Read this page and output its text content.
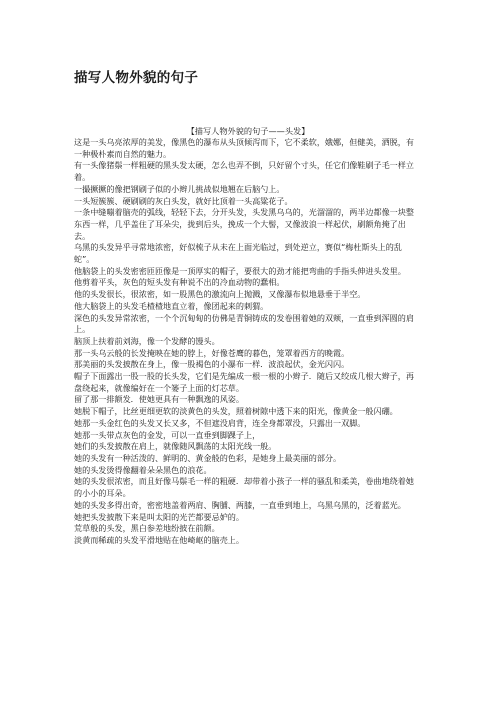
描写人物外貌的句子

【描写人物外貌的句子——头发】

这是一头乌亮浓厚的美发，像黑色的瀑布从头顶倾泻而下，它不柔软，娥娜，但健美，洒脱，有一种极朴素而自然的魅力。

有一头像猪鬃一样粗硬的黑头发太硬，怎么也弄不倒，只好留个寸头，任它们像鞋刷子毛一样立着。

一撮撅撅的像把钢刷子似的小辫儿挑战似地翘在后脑勺上。

一头短簇簇、硬刷刷的灰白头发，就好比顶着一头高粱花子。

一条中缝嘣着脑壳的弧线，轻轻下去，分开头发，头发黑乌乌的，光溜溜的，两半边都像一块整东西一样，几乎盖住了耳朵尖，拢到后头，挽成一个大髻，又像波浪一样起伏，刷额角掩了出去。

乌黑的头发异乎寻常地浓密，好似梳子从未在上面光临过，到处逆立，赛似“梅杜斯头上的乱蛇”。

他脑袋上的头发密密匝匝像是一顶厚实的帽子，要很大的劲才能把弯曲的手指头伸进头发里。

他剪着平头，灰色的短头发有种说不出的冷血动物的蠢相。

他的头发很长，很浓密，如一股黑色的激流向上抛溅，又像瀑布似地悬垂于半空。

他大脑袋上的头发毛楂楂地直立着，像团起来的刺猬。

深色的头发异常浓密，一个个沉甸甸的仿佛是青铜铸成的发卷围着她的双颊，一直垂到浑圆的肩上。

脑顶上扶着前刘海，像一个发酵的馒头。

那一头乌云般的长发掩映在她的脖上，好像苍鹰的暮色，笼罩着西方的晚霞。

那美丽的头发披散在身上，像一股褐色的小瀑布一样．波浪起伏，金光闪闪。

帽子下面露出一股一股的长头发，它们是先编成一根一根的小辫子．随后又绞成几根大辫子，再盘绕起来，就像编好在一个篓子上面的灯芯草。

留了那一排额发．使她更具有一种飘逸的风姿。

她脱下帽子，比丝更细更软的淡黄色的头发，照着树隙中透下来的阳光，像黄金一般闪硼。

她那一头金红色的头发又长又多，不但遮没肩背，连全身都罩没，只露出一双脚。

她那一头带点灰色的金发，可以一直垂到脚踝子上，

她们的头发披散在肩上，就像随风飘荡的太阳光线一般。

她的头发有一种活泼的、鲜明的、黄金般的色彩，是她身上最美丽的部分。

她的头发烫得像翻着朵朵黑色的浪花。

她的头发很浓密，而且好像马鬃毛一样的粗硬．却带着小孩子一样的骚乱和柔美，卷曲地绕着她的小小的耳朵。

她的头发多得出奇，密密地盖着两肩、胸脯、两膝，一直垂到地上，乌黑乌黑的，泛着蓝光。

她把头发披散下来是叫太阳的光芒都要忌妒的。

荒草般的头发，黑白参差地纷披在前额。

淡黄而稀疏的头发平滑地贴在他崎岖的脑壳上。
